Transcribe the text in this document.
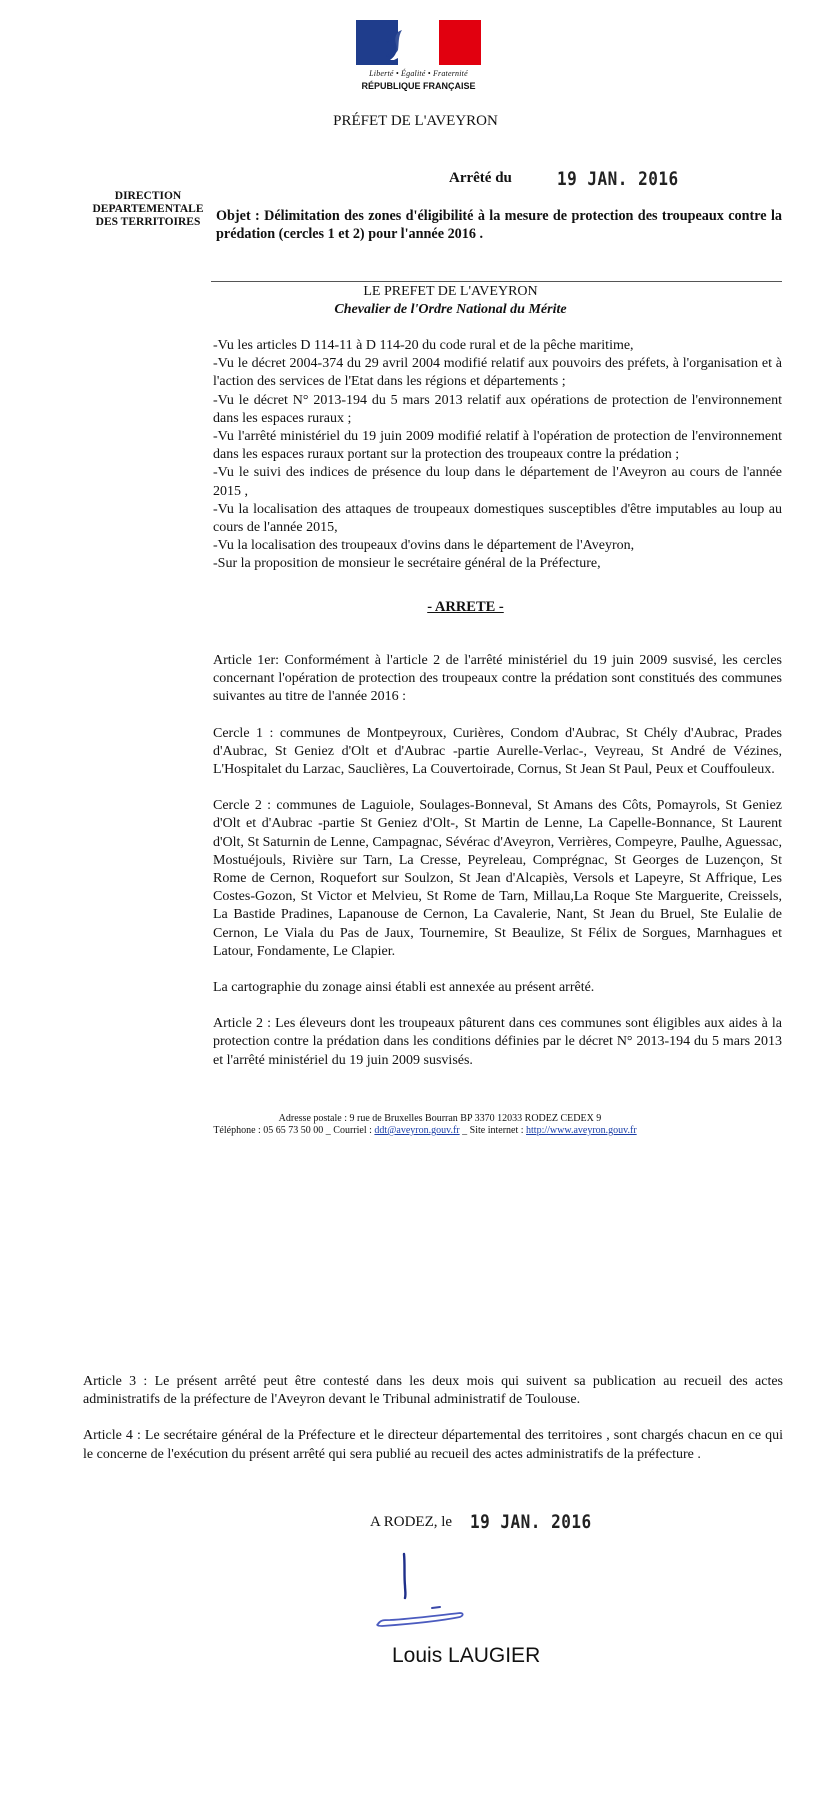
Liberté • Égalité • Fraternité
RÉPUBLIQUE FRANÇAISE
PRÉFET DE L'AVEYRON
Arrêté du	19 JAN. 2016
DIRECTION
DEPARTEMENTALE
DES TERRITOIRES	Objet : Délimitation des zones d'éligibilité à la mesure de protection des troupeaux contre la prédation (cercles 1 et 2) pour l'année 2016 .
LE PREFET DE L'AVEYRON
Chevalier de l'Ordre National du Mérite

-Vu les articles D 114-11 à D 114-20 du code rural et de la pêche maritime,

-Vu le décret 2004-374 du 29 avril 2004 modifié relatif aux pouvoirs des préfets, à l'organisation et à l'action des services de l'Etat dans les régions et départements ;

-Vu le décret N° 2013-194 du 5 mars 2013 relatif aux opérations de protection de l'environnement dans les espaces ruraux ;

-Vu l'arrêté ministériel du 19 juin 2009 modifié relatif à l'opération de protection de l'environnement dans les espaces ruraux portant sur la protection des troupeaux contre la prédation ;

-Vu le suivi des indices de présence du loup dans le département de l'Aveyron au cours de l'année 2015 ,

-Vu la localisation des attaques de troupeaux domestiques susceptibles d'être imputables au loup au cours de l'année 2015,

-Vu la localisation des troupeaux d'ovins dans le département de l'Aveyron,

-Sur la proposition de monsieur le secrétaire général de la Préfecture,

- ARRETE -

Article 1er: Conformément à l'article 2 de l'arrêté ministériel du 19 juin 2009 susvisé, les cercles concernant l'opération de protection des troupeaux contre la prédation sont constitués des communes suivantes au titre de l'année 2016 :

Cercle 1 : communes de Montpeyroux, Curières, Condom d'Aubrac, St Chély d'Aubrac, Prades d'Aubrac, St Geniez d'Olt et d'Aubrac -partie Aurelle-Verlac-, Veyreau, St André de Vézines, L'Hospitalet du Larzac, Sauclières, La Couvertoirade, Cornus, St Jean St Paul, Peux et Couffouleux.

Cercle 2 : communes de Laguiole, Soulages-Bonneval, St Amans des Côts, Pomayrols, St Geniez d'Olt et d'Aubrac -partie St Geniez d'Olt-, St Martin de Lenne, La Capelle-Bonnance, St Laurent d'Olt, St Saturnin de Lenne, Campagnac, Sévérac d'Aveyron, Verrières, Compeyre, Paulhe, Aguessac, Mostuéjouls, Rivière sur Tarn, La Cresse, Peyreleau, Comprégnac, St Georges de Luzençon, St Rome de Cernon, Roquefort sur Soulzon, St Jean d'Alcapiès, Versols et Lapeyre, St Affrique, Les Costes-Gozon, St Victor et Melvieu, St Rome de Tarn, Millau,La Roque Ste Marguerite, Creissels, La Bastide Pradines, Lapanouse de Cernon, La Cavalerie, Nant, St Jean du Bruel, Ste Eulalie de Cernon, Le Viala du Pas de Jaux, Tournemire, St Beaulize, St Félix de Sorgues, Marnhagues et Latour, Fondamente, Le Clapier.

La cartographie du zonage ainsi établi est annexée au présent arrêté.

Article 2 : Les éleveurs dont les troupeaux pâturent dans ces communes sont éligibles aux aides à la protection contre la prédation dans les conditions définies par le décret N° 2013-194 du 5 mars 2013 et l'arrêté ministériel du 19 juin 2009 susvisés.

Adresse postale : 9 rue de Bruxelles Bourran BP 3370 12033 RODEZ CEDEX 9
Téléphone : 05 65 73 50 00 _ Courriel : ddt@aveyron.gouv.fr _ Site internet : http://www.aveyron.gouv.fr

Article 3 : Le présent arrêté peut être contesté dans les deux mois qui suivent sa publication au recueil des actes administratifs de la préfecture de l'Aveyron devant le Tribunal administratif de Toulouse.

Article 4 : Le secrétaire général de la Préfecture et le directeur départemental des territoires , sont chargés chacun en ce qui le concerne de l'exécution du présent arrêté qui sera publié au recueil des actes administratifs de la préfecture .

A RODEZ, le 19 JAN. 2016
Louis LAUGIER
